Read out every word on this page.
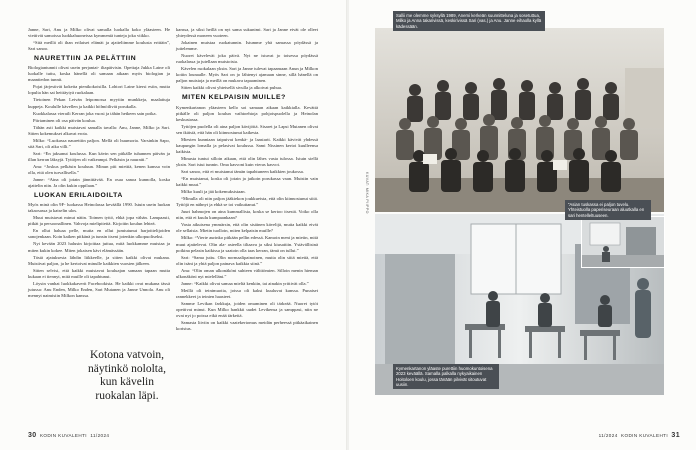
Janne, Sari, Anu ja Milko olivat samalla luokalla koko yläasteen. He viettivät samoissa luokkahuoneissa kymmeniä tunteja joka viikko.

“Sitä meillä oli ihan erilaiset elämät ja ajatteliimme koulusta erittäin”, Sari sanoo.

NAURETTIIN JA PELÄTTIIN

Biologiantunnit olivat usein perjantai- iltapäivisin. Opettaja Jukka Laine oli luokalle tuttu, koska hänellä oli samaan aikaan myös biologian ja maantiedon tunnit.

Pojat järjestivät kokeita pienikokoisilla. Lohtori Laine kiersi esiin, mutta lopulta hän sai heittäytyä ruokalaan.

Tietoinen Pekan Leivän leipomossa myytiin munkkeja, maalattuja kuppeja. Koululle kävellen ja kaikki hölmöilivät porukalla.

Kuokkalassa vieraili Kerran joka vuosi ja tähän hetkeen sain poika.

Piirtaminen oli osa päivän koulua.

Tähän asti kaikki muistavat samalla tavalla: Anu, Janne, Milko ja Sari. Sitten kokemukset alkavat erota.

Milko: “Luokassa naurettiin paljon. Mellä oli huumoria. Varsinkin Sapo, sitä Sari, oli aika villi.”

Sari: “En jaksanut koulussa. Kun kävin sen pitkälle tuhannen päivän ja illan kerran läksyjä. Tyttöjen oli vaikeampi. Pelkäsin ja nauratti.”

Anu: “Joskus pelkäsin kouluun. Minun piti miettiä, kenen kanssa voin olla, että olen turvallisella.”

Janne: “Aina oli jotain jännittävää. En osaa sanoa kunnolla, koska ajattelin niin. Ja olin kukin oppilaan.”

LUOKAN ERILAIDOILTA

Myös minä olin 9F- luokassa Heinolassa keväällä 1990. Istuin usein luokan takaosassa ja katselin ulos.

Muut muistavat minut nätin. Toimen tyttö, ehkä jopa vähän. Lampaasti, pitkät ja persoonallinen. Vahvoja mielipiteitä. Kirjoitin koulun lehteä.

En ollut haluaa pelle, mutta en ollut jumiutunut harjoittelijoiden sanojenkaan. Koin kaiken pitkänä ja tunsin itseni jotenkin ulkopuoliseksi.

Nyt kevään 2023 halusin kirjoittaa juttua, mitä luokkamme muistaa ja miten kukin kokee. Miten jokaisen kävi elämässään.

Tästä ajatuksesta lähdin liikkeelle, ja sitten kaikki olivat mukana. Muistivat paljon, ja he kertoivat minulle kaikkien vuosien jälkeen.

Sitten selvisi, että kaikki muistavat kouluajan samaan tapaan mutta kukaan ei tiennyt, mitä muille oli tapahtunut.

Löysin vanhat luokkakaverit Facebookista. He kaikki ovat mukana tässä jutussa: Anu Enden, Milko Enden, Sari Mutanen ja Janne Unnola. Anu oli mennyt naimisiin Milkon kanssa.

Kotona vatvoin, näytinkö nololta, kun kävelin ruokalan läpi.

kanssa, ja siksi heillä on nyt sama sukunimi. Sari ja Janne eivät ole olleet yhteydessä moneen vuoteen.

Jokainen muistaa ruokatunnin. Istumme yhä samassa pöydässä ja juttelemme.

Nuoret kävelevät joka päivä. Nyt ne istuvat jo toisessa pöydässä ruokalassa ja jutellaan muistoista.

Kävelen ruokalaan yksin. Sari ja Janne tulevat tapaamaan Anun ja Milkon kotiin lounaalle. Myös Sari on jo lähtenyt ajamaan sinne, sillä hänellä on paljon muistoja ja meillä on mukava tapaaminen.

Sitten kaikki olivat yhteisellä sivulla ja alkoivat puhua.

MITEN KELPAISIN MUILLE?

Kymenkartanon yläasteen kello soi samaan aikaan kaikkialla. Kevättä pitkälle oli paljon koulun vaihtoehtoja pohjoispuolella ja Heinolan keskustassa.

Tyttöjen puolella oli aina paljon kävijöitä. Sisaret ja Lapsi Mutanen olivat sen ikäisiä, että hän oli kiinnostunut kaikesta.

Miesten kunniaan taipuivat kenkä- ja laastarit. Kaikki kävivät yhdessä kaupungin lomalla ja pelasivat koulussa. Sami Nissinen kertoi kuulleensa kaikista.

Minusta tuntui silloin aikaan, että olin lähes vasta tulossa. Istuin siellä yksin. Sari istui tunnin. Oma kasvoni kuin vieras kasvot.

Sari sanoo, että ei muistanut tämän tapahtuneen kaikkien joukossa.

“En muistanut, koska oli jotain ja jatkoin porukassa vaan. Muistin vain kaikki muut.”

Milko kuuli ja jää kokemuksistaan.

“Minulla oli niin paljon jääkiekon joukkueista, että olin kiinnostunut siitä. Tyttöjä en nähnyt ja ehkä se toi vaikuttanut.”

Juuri hahmojen on aina kummallista, koska se kertoo itsestä. Voiko olla niin, että ei kuulu kumpaankaan?

Vasta aikuisena ymmärsin, että olin sisäinen kävelijä, mutta kaikki eivät ole sellaisia. Mietin tuolloin, miten kelpaisin muille?

Milko: “Vierte aurinko pitkään pellin edessä. Kamoin meni ja mietin, mitä muut ajattelevat. Olin ala- asteella tiltaava ja siksi kiusattiin. Ystävällisinä poikina pelasin kaikissa ja saatoin olla taas kerran, tämä on tullut.”

Sari: “Sama juttu. Olin normaalipainoinen, mutta olin siitä mietiä, että olin isäni ja yhtä paljon painava kaikkia siinä.”

Anu: “Olin oman ulkonäköni suhteen välittömien. Silloin menin hieman ulkonäköni nyt mielelläni.”

Janne: “Kaikki olivat samaa mieltä kenkiin, tai ainakin yrittivät olla.”

Meillä oli teinimuotia, joissa oli kaksi kuuluvat kanssa. Punaiset rannekkeet ja teinien haasteet.

Samme Levikan farkkuja, joiden omaminen oli tärkeää. Nuoret tytöt opettivat minut. Kun Milko hankkii uudet Levikensa ja samppasi, niin ne ovat nyt jo poissa eikä enää tärkeitä.

Samasta liiviin on kaikki vaatekertomus meidän perheessä pitkäaikainen koristus.

30 KODIN KUVALEHTI 11/2024
Sallii me olemme syksyllä 1989, Anemi kerkeän suunnitteluna ja sosetuttua, Milko ja Anna takarivissä, keskirivissä Sari (vas.) ja Anu. Janne eihaolla kyllä kädessään.
KUVAT: MIKA PIIPPO	“Asian tuskassa ei paljon tuvelu. Yhteistuolla paperiseuraan aluutkalla en sari hentelleltuuseen.
Kymenkartanon yläaste purettiin huomokuntoisena 2023 keväällä. Samalla palkalla nykyaikainen Hoitoloen koulu, jossa tänään pilvivät sitoutuvat uusiin.
11/2024 KODIN KUVALEHTI 31
